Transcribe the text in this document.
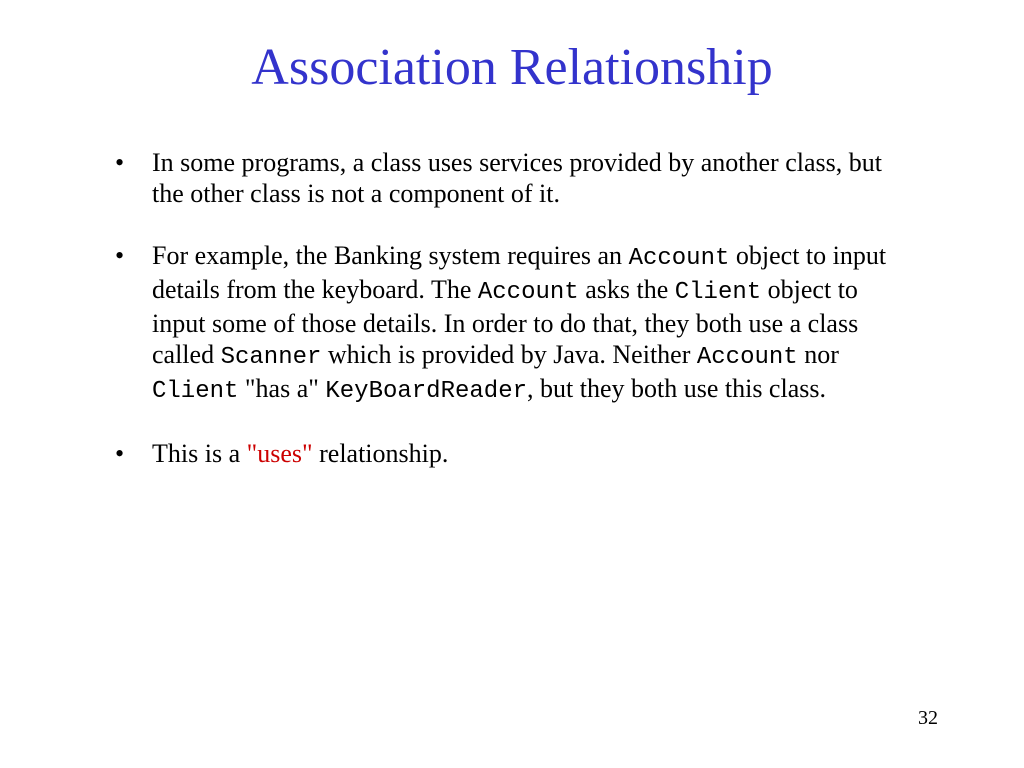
Association Relationship
•	In some programs, a class uses services provided by another class, but the other class is not a component of it.
•	For example, the Banking system requires an Account object to input details from the keyboard. The Account asks the Client object to input some of those details. In order to do that, they both use a class called Scanner which is provided by Java. Neither Account nor Client "has a" KeyBoardReader, but they both use this class.
•	This is a "uses" relationship.
32
